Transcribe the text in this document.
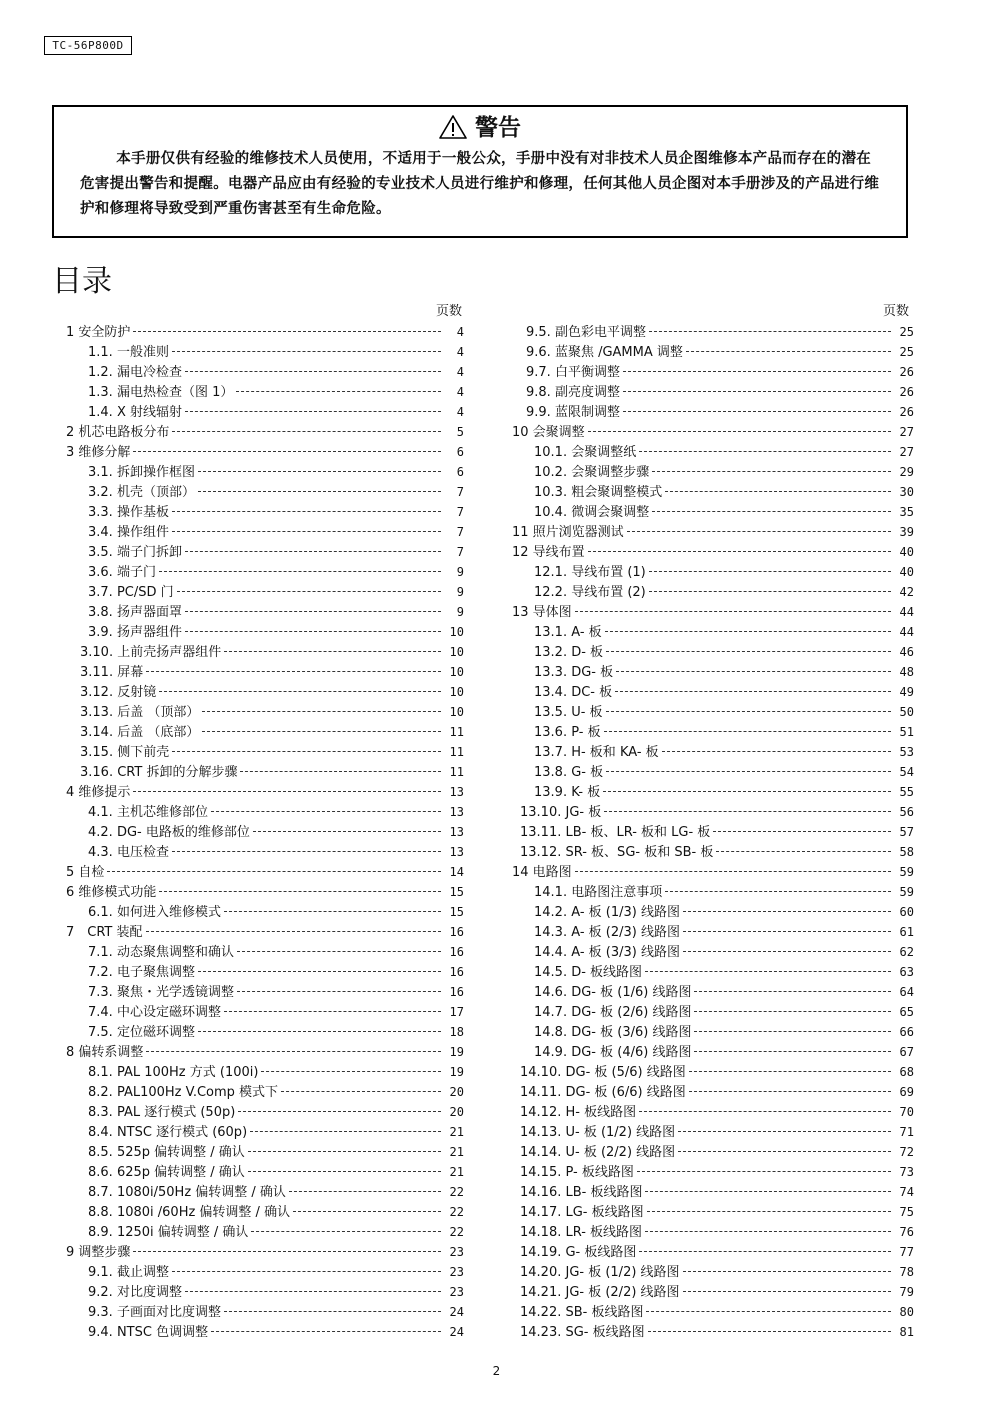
TC-56P800D
警告
本手册仅供有经验的维修技术人员使用，不适用于一般公众，手册中没有对非技术人员企图维修本产品而存在的潜在危害提出警告和提醒。电器产品应由有经验的专业技术人员进行维护和修理，任何其他人员企图对本手册涉及的产品进行维护和修理将导致受到严重伤害甚至有生命危险。
目录
页数	页数
1 安全防护	4
1.1. 一般准则	4
1.2. 漏电冷检查	4
1.3. 漏电热检查（图 1）	4
1.4. X 射线辐射	4
2 机芯电路板分布	5
3 维修分解	6
3.1. 拆卸操作框图	6
3.2. 机壳（顶部）	7
3.3. 操作基板	7
3.4. 操作组件	7
3.5. 端子门拆卸	7
3.6. 端子门	9
3.7. PC/SD 门	9
3.8. 扬声器面罩	9
3.9. 扬声器组件	10
3.10. 上前壳扬声器组件	10
3.11. 屏幕	10
3.12. 反射镜	10
3.13. 后盖 （顶部）	10
3.14. 后盖 （底部）	11
3.15. 侧下前壳	11
3.16. CRT 拆卸的分解步骤	11
4 维修提示	13
4.1. 主机芯维修部位	13
4.2. DG- 电路板的维修部位	13
4.3. 电压检查	13
5 自检	14
6 维修模式功能	15
6.1. 如何进入维修模式	15
7　CRT 装配	16
7.1. 动态聚焦调整和确认	16
7.2. 电子聚焦调整	16
7.3. 聚焦・光学透镜调整	16
7.4. 中心设定磁环调整	17
7.5. 定位磁环调整	18
8 偏转系调整	19
8.1. PAL 100Hz 方式 (100i)	19
8.2. PAL100Hz V.Comp 模式下	20
8.3. PAL 逐行模式 (50p)	20
8.4. NTSC 逐行模式 (60p)	21
8.5. 525p 偏转调整 / 确认	21
8.6. 625p 偏转调整 / 确认	21
8.7. 1080i/50Hz 偏转调整 / 确认	22
8.8. 1080i /60Hz 偏转调整 / 确认	22
8.9. 1250i 偏转调整 / 确认	22
9 调整步骤	23
9.1. 截止调整	23
9.2. 对比度调整	23
9.3. 子画面对比度调整	24
9.4. NTSC 色调调整	24
9.5. 副色彩电平调整	25
9.6. 蓝聚焦 /GAMMA 调整	25
9.7. 白平衡调整	26
9.8. 副亮度调整	26
9.9. 蓝限制调整	26
10 会聚调整	27
10.1. 会聚调整纸	27
10.2. 会聚调整步骤	29
10.3. 粗会聚调整模式	30
10.4. 微调会聚调整	35
11 照片浏览器测试	39
12 导线布置	40
12.1. 导线布置 (1)	40
12.2. 导线布置 (2)	42
13 导体图	44
13.1. A- 板	44
13.2. D- 板	46
13.3. DG- 板	48
13.4. DC- 板	49
13.5. U- 板	50
13.6. P- 板	51
13.7. H- 板和 KA- 板	53
13.8. G- 板	54
13.9. K- 板	55
13.10. JG- 板	56
13.11. LB- 板、LR- 板和 LG- 板	57
13.12. SR- 板、SG- 板和 SB- 板	58
14 电路图	59
14.1. 电路图注意事项	59
14.2. A- 板 (1/3) 线路图	60
14.3. A- 板 (2/3) 线路图	61
14.4. A- 板 (3/3) 线路图	62
14.5. D- 板线路图	63
14.6. DG- 板 (1/6) 线路图	64
14.7. DG- 板 (2/6) 线路图	65
14.8. DG- 板 (3/6) 线路图	66
14.9. DG- 板 (4/6) 线路图	67
14.10. DG- 板 (5/6) 线路图	68
14.11. DG- 板 (6/6) 线路图	69
14.12. H- 板线路图	70
14.13. U- 板 (1/2) 线路图	71
14.14. U- 板 (2/2) 线路图	72
14.15. P- 板线路图	73
14.16. LB- 板线路图	74
14.17. LG- 板线路图	75
14.18. LR- 板线路图	76
14.19. G- 板线路图	77
14.20. JG- 板 (1/2) 线路图	78
14.21. JG- 板 (2/2) 线路图	79
14.22. SB- 板线路图	80
14.23. SG- 板线路图	81
2
